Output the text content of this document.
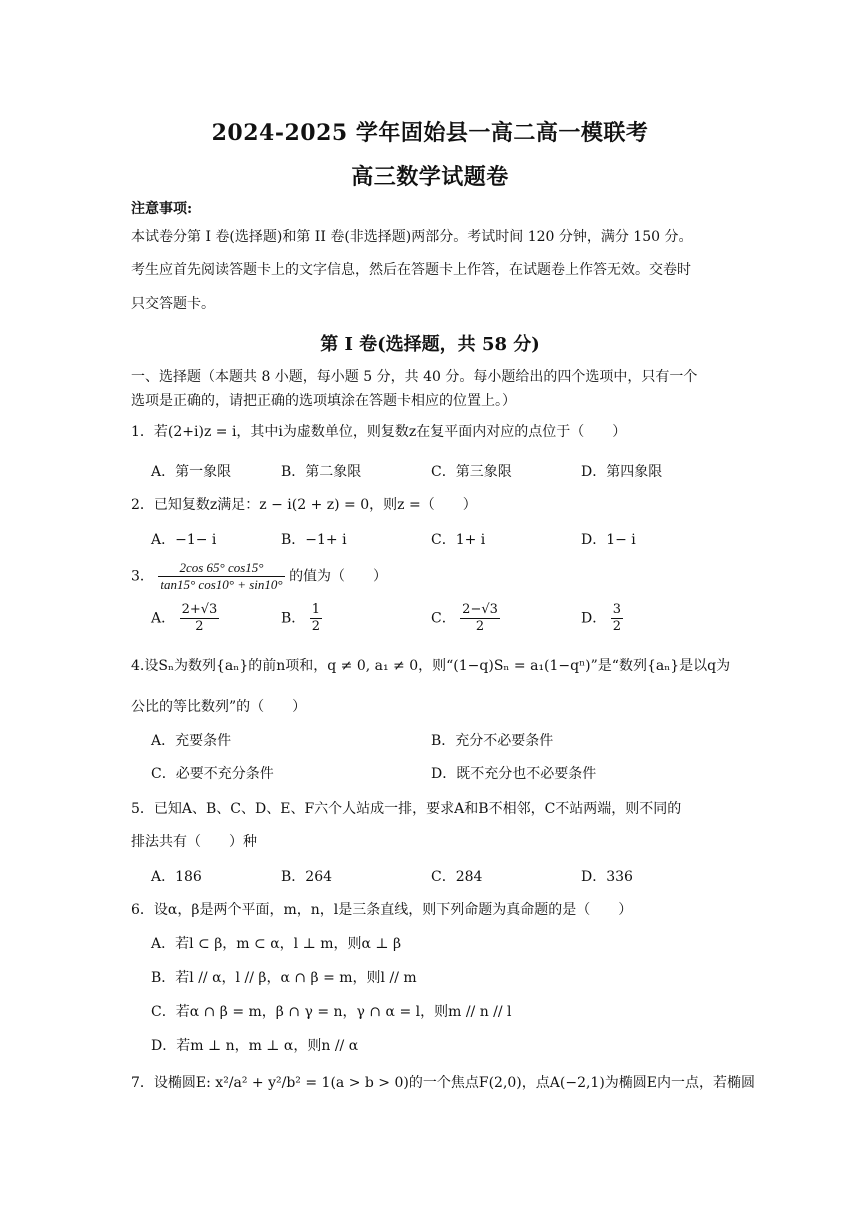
2024-2025 学年固始县一高二高一模联考
高三数学试题卷
注意事项:
本试卷分第 I 卷(选择题)和第 II 卷(非选择题)两部分。考试时间 120 分钟，满分 150 分。
考生应首先阅读答题卡上的文字信息，然后在答题卡上作答，在试题卷上作答无效。交卷时
只交答题卡。
第 I 卷(选择题，共 58 分)
一、选择题（本题共 8 小题，每小题 5 分，共 40 分。每小题给出的四个选项中，只有一个
选项是正确的，请把正确的选项填涂在答题卡相应的位置上。）
1．若(2+i)z = i，其中i为虚数单位，则复数z在复平面内对应的点位于（　　）
A．第一象限	B．第二象限	C．第三象限	D．第四象限
2．已知复数z满足：z − i(2 + z) = 0，则z =（　　）
A．−1− i	B．−1+ i	C．1+ i	D．1− i
3． $\frac{2\cos 65^\circ \cos 15^\circ}{\tan 15^\circ \cos 10^\circ + \sin 10^\circ}$ 的值为（　　）
A． $\frac{2+√3}{2}$	B． $\frac{1}{2}$	C． $\frac{2-√3}{2}$	D． $\frac{3}{2}$
4.设Sₙ为数列{aₙ}的前n项和，q ≠ 0, a₁ ≠ 0，则“(1−q)Sₙ = a₁(1−qⁿ)”是“数列{aₙ}是以q为
公比的等比数列”的（　　）
A．充要条件	B．充分不必要条件
C．必要不充分条件	D．既不充分也不必要条件
5．已知A、B、C、D、E、F六个人站成一排，要求A和B不相邻，C不站两端，则不同的
排法共有（　　）种
A．186	B．264	C．284	D．336
6．设α，β是两个平面，m，n，l是三条直线，则下列命题为真命题的是（　　）
A．若l ⊂ β，m ⊂ α，l ⊥ m，则α ⊥ β
B．若l // α，l // β，α ∩ β = m，则l // m
C．若α ∩ β = m，β ∩ γ = n，γ ∩ α = l，则m // n // l
D．若m ⊥ n，m ⊥ α，则n // α
7．设椭圆E: x²/a² + y²/b² = 1(a > b > 0)的一个焦点F(2,0)，点A(−2,1)为椭圆E内一点，若椭圆
